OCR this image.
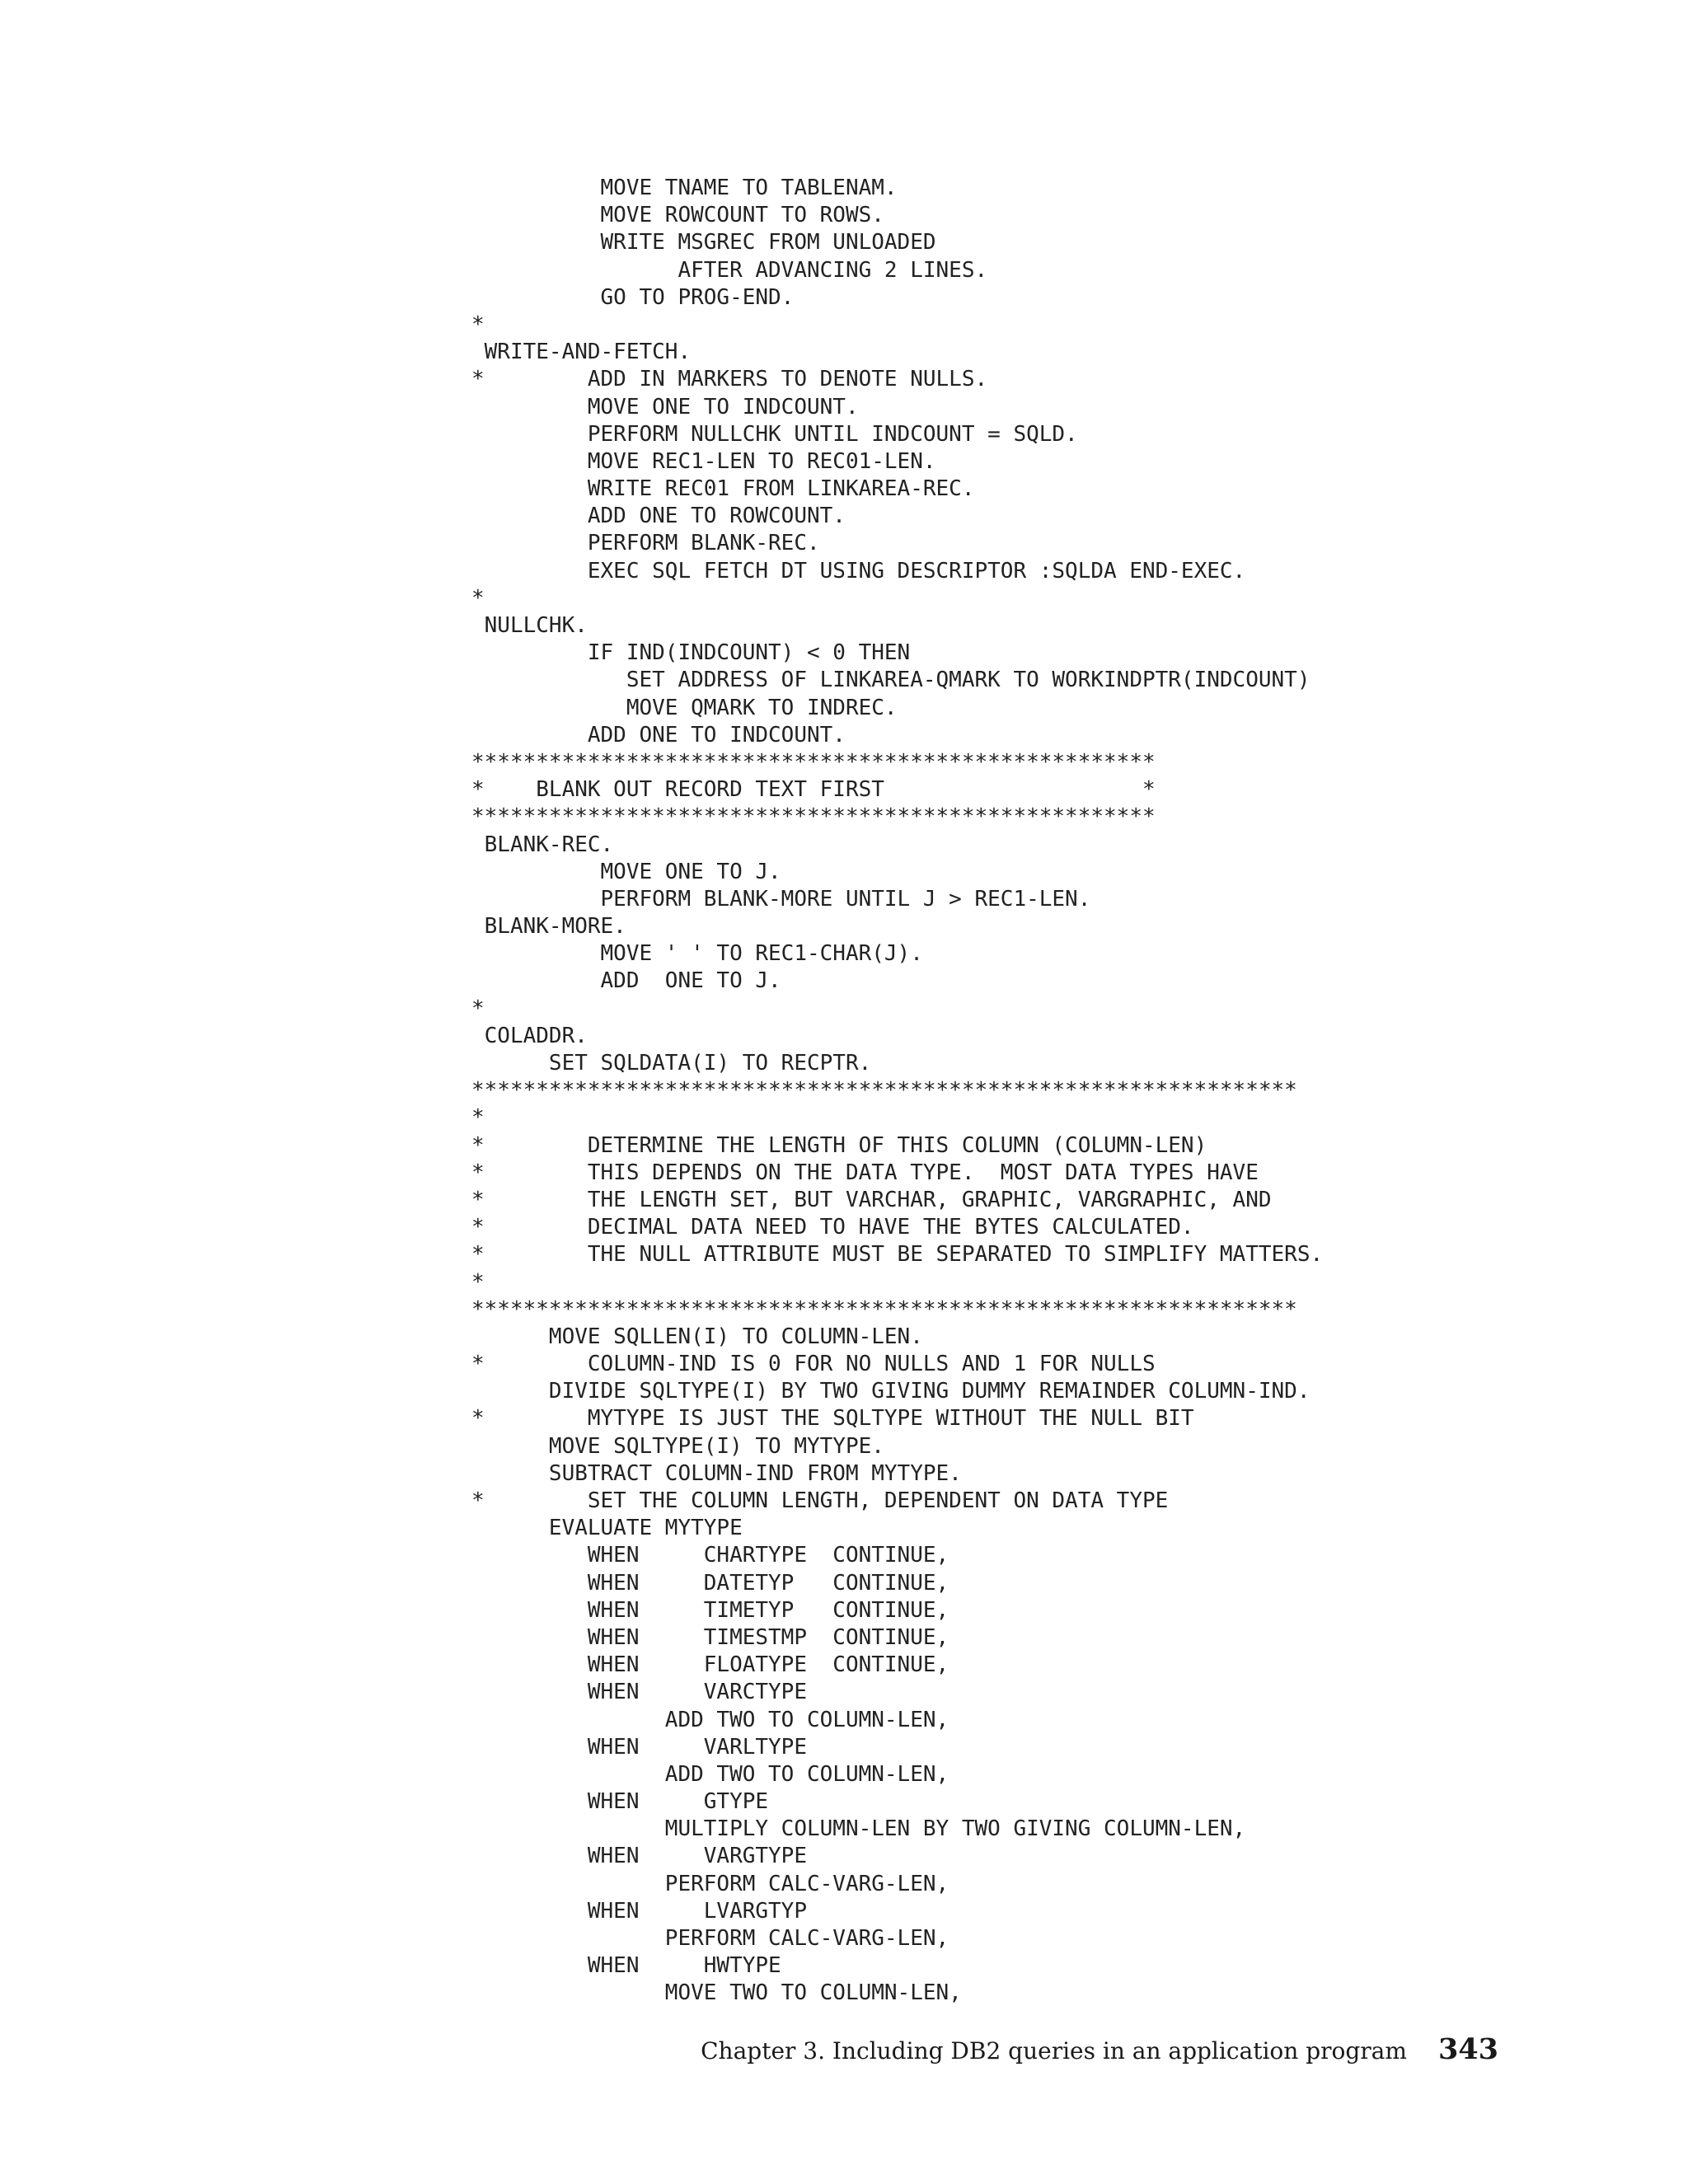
MOVE TNAME TO TABLENAM.
MOVE ROWCOUNT TO ROWS.
WRITE MSGREC FROM UNLOADED
AFTER ADVANCING 2 LINES.
GO TO PROG-END.
*
WRITE-AND-FETCH.
*        ADD IN MARKERS TO DENOTE NULLS.
MOVE ONE TO INDCOUNT.
PERFORM NULLCHK UNTIL INDCOUNT = SQLD.
MOVE REC1-LEN TO REC01-LEN.
WRITE REC01 FROM LINKAREA-REC.
ADD ONE TO ROWCOUNT.
PERFORM BLANK-REC.
EXEC SQL FETCH DT USING DESCRIPTOR :SQLDA END-EXEC.
*
NULLCHK.
IF IND(INDCOUNT) < 0 THEN
SET ADDRESS OF LINKAREA-QMARK TO WORKINDPTR(INDCOUNT)
MOVE QMARK TO INDREC.
ADD ONE TO INDCOUNT.
*****************************************************
*    BLANK OUT RECORD TEXT FIRST                    *
*****************************************************
BLANK-REC.
MOVE ONE TO J.
PERFORM BLANK-MORE UNTIL J > REC1-LEN.
BLANK-MORE.
MOVE ' ' TO REC1-CHAR(J).
ADD  ONE TO J.
*
COLADDR.
SET SQLDATA(I) TO RECPTR.
****************************************************************
*
*        DETERMINE THE LENGTH OF THIS COLUMN (COLUMN-LEN)
*        THIS DEPENDS ON THE DATA TYPE.  MOST DATA TYPES HAVE
*        THE LENGTH SET, BUT VARCHAR, GRAPHIC, VARGRAPHIC, AND
*        DECIMAL DATA NEED TO HAVE THE BYTES CALCULATED.
*        THE NULL ATTRIBUTE MUST BE SEPARATED TO SIMPLIFY MATTERS.
*
****************************************************************
MOVE SQLLEN(I) TO COLUMN-LEN.
*        COLUMN-IND IS 0 FOR NO NULLS AND 1 FOR NULLS
DIVIDE SQLTYPE(I) BY TWO GIVING DUMMY REMAINDER COLUMN-IND.
*        MYTYPE IS JUST THE SQLTYPE WITHOUT THE NULL BIT
MOVE SQLTYPE(I) TO MYTYPE.
SUBTRACT COLUMN-IND FROM MYTYPE.
*        SET THE COLUMN LENGTH, DEPENDENT ON DATA TYPE
EVALUATE MYTYPE
WHEN     CHARTYPE  CONTINUE,
WHEN     DATETYP   CONTINUE,
WHEN     TIMETYP   CONTINUE,
WHEN     TIMESTMP  CONTINUE,
WHEN     FLOATYPE  CONTINUE,
WHEN     VARCTYPE
ADD TWO TO COLUMN-LEN,
WHEN     VARLTYPE
ADD TWO TO COLUMN-LEN,
WHEN     GTYPE
MULTIPLY COLUMN-LEN BY TWO GIVING COLUMN-LEN,
WHEN     VARGTYPE
PERFORM CALC-VARG-LEN,
WHEN     LVARGTYP
PERFORM CALC-VARG-LEN,
WHEN     HWTYPE
MOVE TWO TO COLUMN-LEN,
Chapter 3. Including DB2 queries in an application program 343
